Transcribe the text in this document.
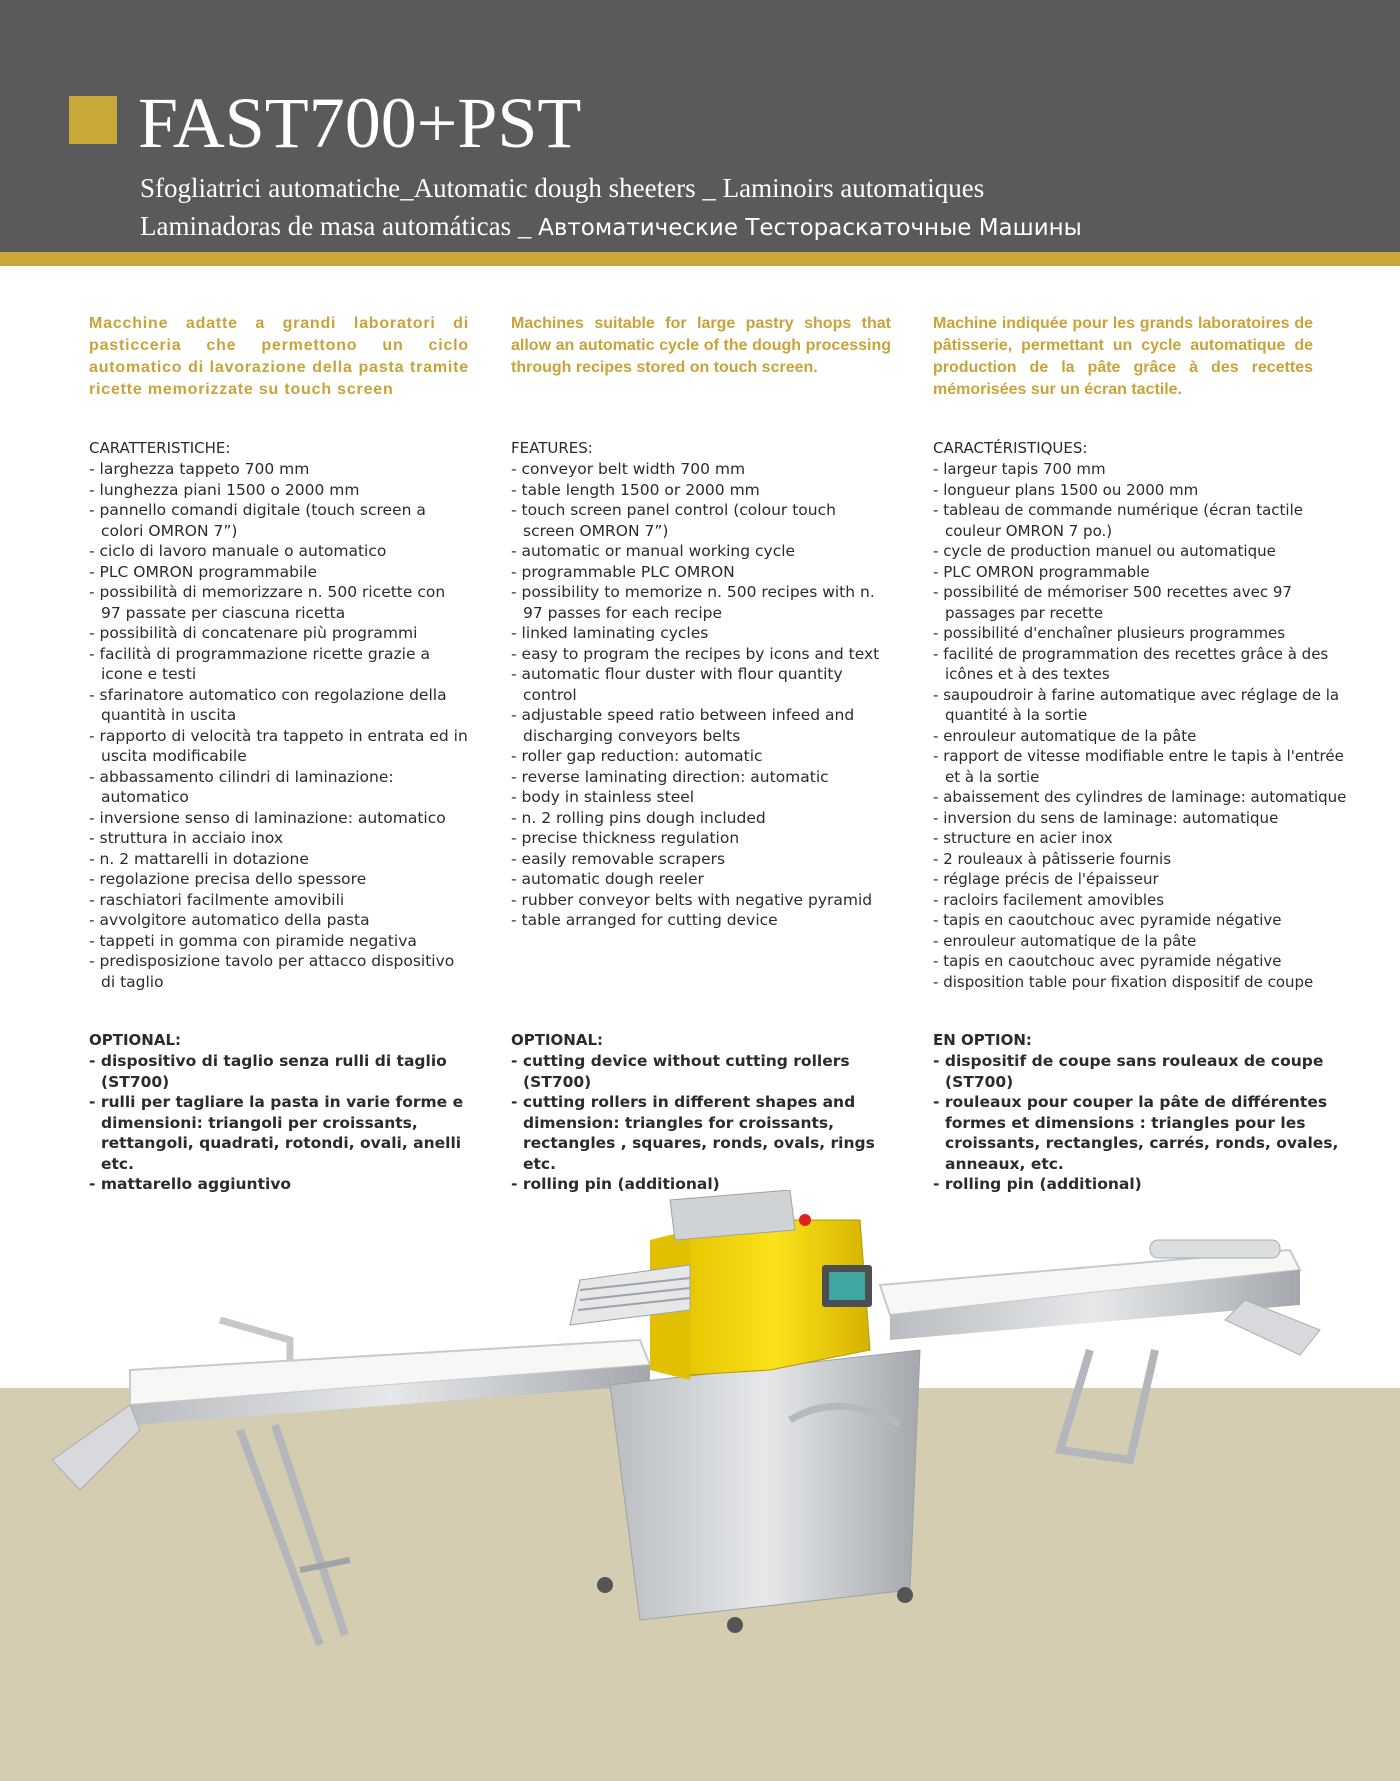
FAST700+PST
Sfogliatrici automatiche_Automatic dough sheeters _ Laminoirs automatiques
Laminadoras de masa automáticas _ Автоматические Тестораскаточные Машины

Macchine adatte a grandi laboratori di pasticceria che permettono un ciclo automatico di lavorazione della pasta tramite ricette memorizzate su touch screen

CARATTERISTICHE:

- larghezza tappeto 700 mm
- lunghezza piani 1500 o 2000 mm
- pannello comandi digitale (touch screen a colori OMRON 7”)
- ciclo di lavoro manuale o automatico
- PLC OMRON programmabile
- possibilità di memorizzare n. 500 ricette con 97 passate per ciascuna ricetta
- possibilità di concatenare più programmi
- facilità di programmazione ricette grazie a icone e testi
- sfarinatore automatico con regolazione della quantità in uscita
- rapporto di velocità tra tappeto in entrata ed in uscita modificabile
- abbassamento cilindri di laminazione: automatico
- inversione senso di laminazione: automatico
- struttura in acciaio inox
- n. 2 mattarelli in dotazione
- regolazione precisa dello spessore
- raschiatori facilmente amovibili
- avvolgitore automatico della pasta
- tappeti in gomma con piramide negativa
- predisposizione tavolo per attacco dispositivo di taglio

OPTIONAL:

- dispositivo di taglio senza rulli di taglio (ST700)
- rulli per tagliare la pasta in varie forme e dimensioni: triangoli per croissants, rettangoli, quadrati, rotondi, ovali, anelli etc.
- mattarello aggiuntivo

Machines suitable for large pastry shops that allow an automatic cycle of the dough processing through recipes stored on touch screen.

FEATURES:

- conveyor belt width 700 mm
- table length 1500 or 2000 mm
- touch screen panel control (colour touch screen OMRON 7”)
- automatic or manual working cycle
- programmable PLC OMRON
- possibility to memorize n. 500 recipes with n. 97 passes for each recipe
- linked laminating cycles
- easy to program the recipes by icons and text
- automatic flour duster with flour quantity control
- adjustable speed ratio between infeed and discharging conveyors belts
- roller gap reduction: automatic
- reverse laminating direction: automatic
- body in stainless steel
- n. 2 rolling pins dough included
- precise thickness regulation
- easily removable scrapers
- automatic dough reeler
- rubber conveyor belts with negative pyramid
- table arranged for cutting device

OPTIONAL:

- cutting device without cutting rollers (ST700)
- cutting rollers in different shapes and dimension: triangles for croissants, rectangles , squares, ronds, ovals, rings etc.
- rolling pin (additional)

Machine indiquée pour les grands laboratoires de pâtisserie, permettant un cycle automatique de production de la pâte grâce à des recettes mémorisées sur un écran tactile.

CARACTÉRISTIQUES:

- largeur tapis 700 mm
- longueur plans 1500 ou 2000 mm
- tableau de commande numérique (écran tactile couleur OMRON 7 po.)
- cycle de production manuel ou automatique
- PLC OMRON programmable
- possibilité de mémoriser 500 recettes avec 97 passages par recette
- possibilité d'enchaîner plusieurs programmes
- facilité de programmation des recettes grâce à des icônes et à des textes
- saupoudroir à farine automatique avec réglage de la quantité à la sortie
- enrouleur automatique de la pâte
- rapport de vitesse modifiable entre le tapis à l'entrée et à la sortie
- abaissement des cylindres de laminage: automatique
- inversion du sens de laminage: automatique
- structure en acier inox
- 2 rouleaux à pâtisserie fournis
- réglage précis de l'épaisseur
- racloirs facilement amovibles
- tapis en caoutchouc avec pyramide négative
- enrouleur automatique de la pâte
- tapis en caoutchouc avec pyramide négative
- disposition table pour fixation dispositif de coupe

EN OPTION:

- dispositif de coupe sans rouleaux de coupe (ST700)
- rouleaux pour couper la pâte de différentes formes et dimensions : triangles pour les croissants, rectangles, carrés, ronds, ovales, anneaux, etc.
- rolling pin (additional)
